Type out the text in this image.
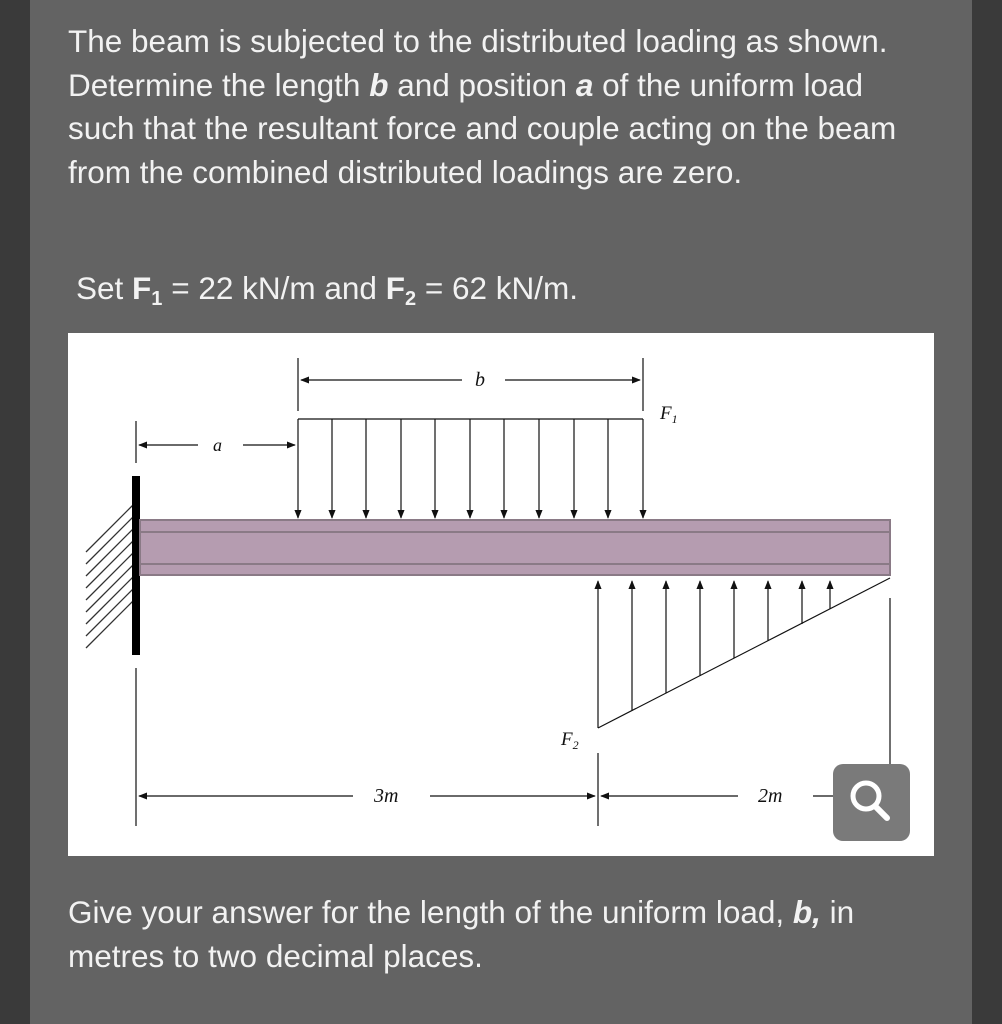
The beam is subjected to the distributed loading as shown. Determine the length b and position a of the uniform load such that the resultant force and couple acting on the beam from the combined distributed loadings are zero.
Set $F_1 = 22$ kN/m and $F_2 = 62$ kN/m.
b
a
$F_1$
$F_2$
3m	2m
Give your answer for the length of the uniform load, b, in metres to two decimal places.
